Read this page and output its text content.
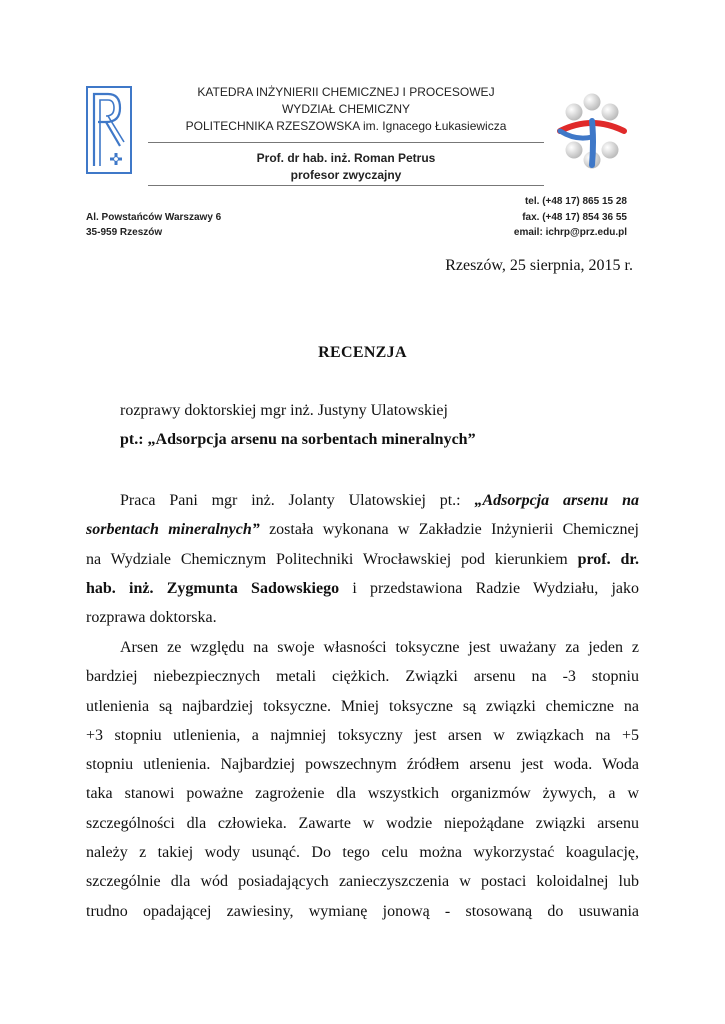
KATEDRA INŻYNIERII CHEMICZNEJ I PROCESOWEJ
WYDZIAŁ CHEMICZNY
POLITECHNIKA RZESZOWSKA im. Ignacego Łukasiewicza
Prof. dr hab. inż. Roman Petrus
profesor zwyczajny
Al. Powstańców Warszawy 6
35-959 Rzeszów
tel. (+48 17) 865 15 28
fax. (+48 17) 854 36 55
email: ichrp@prz.edu.pl
Rzeszów, 25 sierpnia, 2015 r.
RECENZJA
rozprawy doktorskiej mgr inż. Justyny Ulatowskiej
pt.: „Adsorpcja arsenu na sorbentach mineralnych”
Praca Pani mgr inż. Jolanty Ulatowskiej pt.: „Adsorpcja arsenu na
sorbentach mineralnych” została wykonana w Zakładzie Inżynierii Chemicznej
na Wydziale Chemicznym Politechniki Wrocławskiej pod kierunkiem prof. dr.
hab. inż. Zygmunta Sadowskiego i przedstawiona Radzie Wydziału, jako
rozprawa doktorska.
Arsen ze względu na swoje własności toksyczne jest uważany za jeden z
bardziej niebezpiecznych metali ciężkich. Związki arsenu na -3 stopniu
utlenienia są najbardziej toksyczne. Mniej toksyczne są związki chemiczne na
+3 stopniu utlenienia, a najmniej toksyczny jest arsen w związkach na +5
stopniu utlenienia. Najbardziej powszechnym źródłem arsenu jest woda. Woda
taka stanowi poważne zagrożenie dla wszystkich organizmów żywych, a w
szczególności dla człowieka. Zawarte w wodzie niepożądane związki arsenu
należy z takiej wody usunąć. Do tego celu można wykorzystać koagulację,
szczególnie dla wód posiadających zanieczyszczenia w postaci koloidalnej lub
trudno opadającej zawiesiny, wymianę jonową - stosowaną do usuwania
